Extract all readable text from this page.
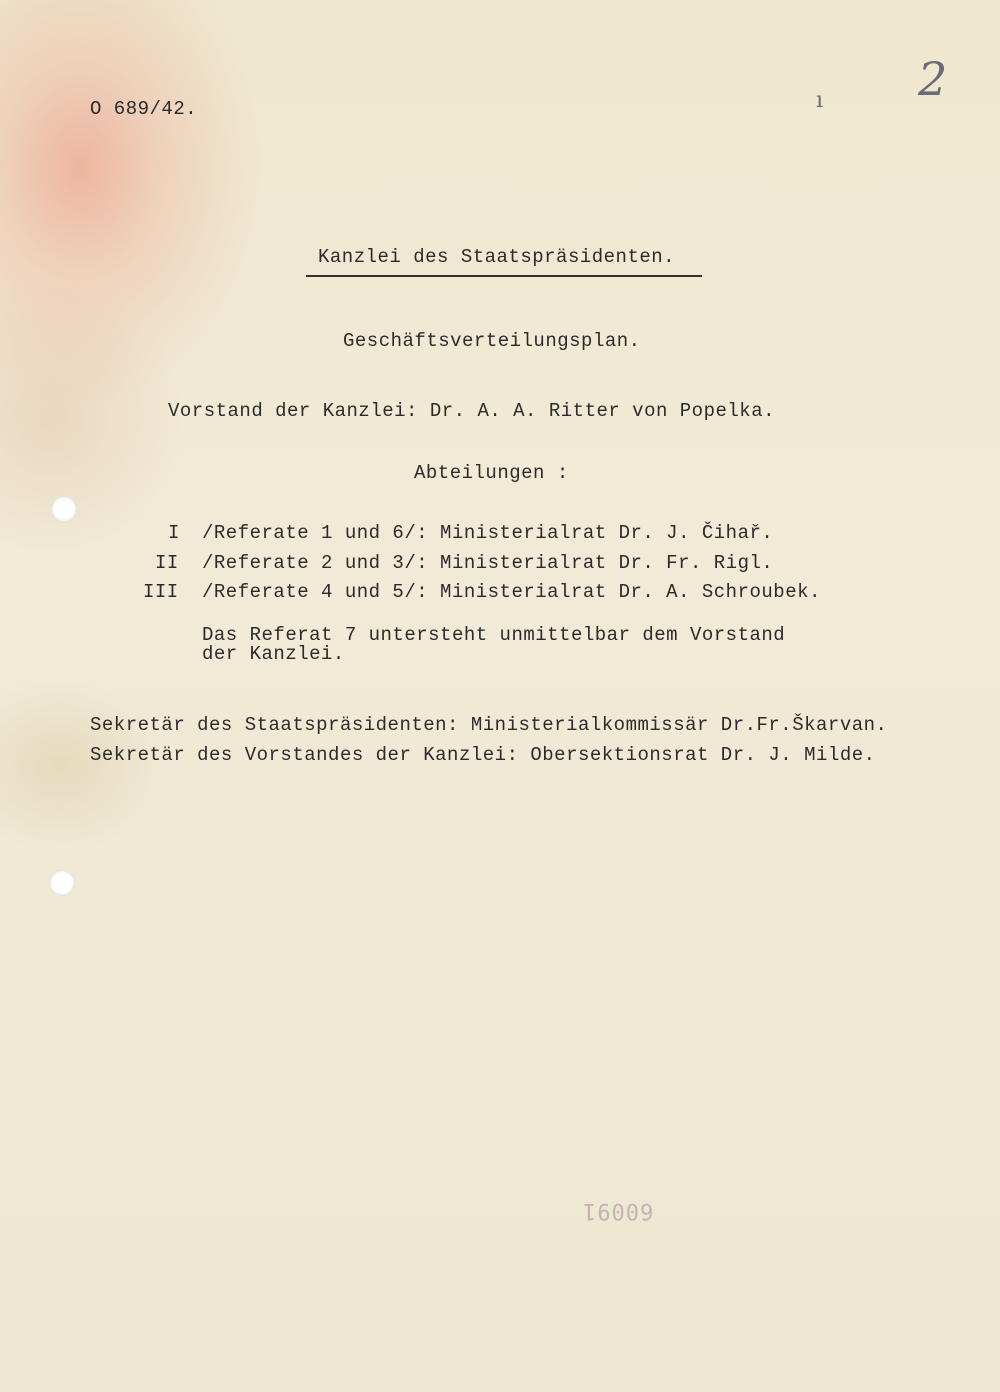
O 689/42.	ı 2
Kanzlei des Staatspräsidenten.
Geschäftsverteilungsplan.
Vorstand der Kanzlei: Dr. A. A. Ritter von Popelka.
Abteilungen :
I /Referate 1 und 6/: Ministerialrat Dr. J. Čihař.
II /Referate 2 und 3/: Ministerialrat Dr. Fr. Rigl.
III /Referate 4 und 5/: Ministerialrat Dr. A. Schroubek.
Das Referat 7 untersteht unmittelbar dem Vorstand
der Kanzlei.
Sekretär des Staatspräsidenten: Ministerialkommissär Dr.Fr.Škarvan.
Sekretär des Vorstandes der Kanzlei: Obersektionsrat Dr. J. Milde.
60091
